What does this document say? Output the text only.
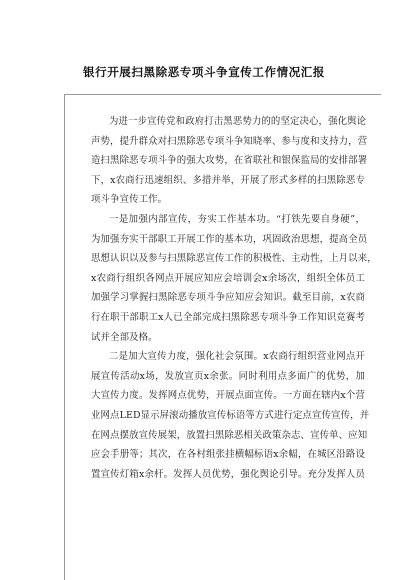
银行开展扫黑除恶专项斗争宣传工作情况汇报
为进一步宣传党和政府打击黑恶势力的的坚定决心，强化舆论
声势，提升群众对扫黑除恶专项斗争知晓率、参与度和支持力，营
造扫黑除恶专项斗争的强大攻势，在省联社和银保监局的安排部署
下，x农商行迅速组织、多措并举，开展了形式多样的扫黑除恶专
项斗争宣传工作。
一是加强内部宣传，夯实工作基本功。“打铁先要自身硬”，
为加强夯实干部职工开展工作的基本功，巩固政治思想，提高全员
思想认识以及参与扫黑除恶宣传工作的积极性、主动性，上月以来，
x农商行组织各网点开展应知应会培训会x余场次，组织全体员工
加强学习掌握扫黑除恶专项斗争应知应会知识。截至目前，x农商
行在职干部职工x人已全部完成扫黑除恶专项斗争工作知识竞赛考
试并全部及格。
二是加大宣传力度，强化社会氛围。x农商行组织营业网点开
展宣传活动x场，发放宣页x余张。同时利用点多面广的优势，加
大宣传力度。发挥网点优势，开展点面宣传。一方面在辖内x个营
业网点LED显示屏滚动播放宣传标语等方式进行定点宣传宣传，并
在网点摆放宣传展架，放置扫黑除恶相关政策杂志、宣传单、应知
应会手册等；其次，在各村组张挂横幅标语x余幅，在城区沿路设
置宣传灯箱x余杆。发挥人员优势，强化舆论引导。充分发挥人员
